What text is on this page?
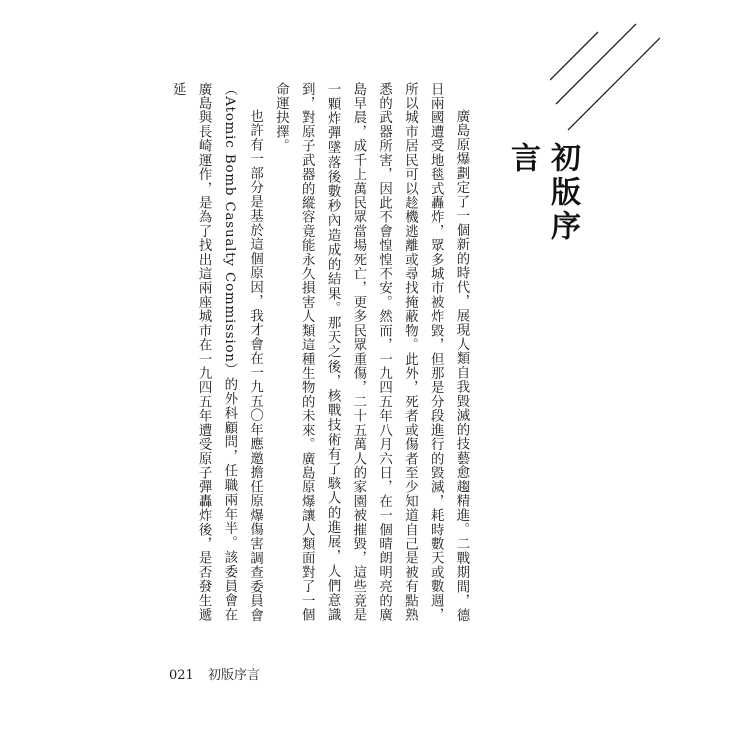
初版序言

廣島原爆劃定了一個新的時代，展現人類自我毀滅的技藝愈趨精進。二戰期間，德日兩國遭受地毯式轟炸，眾多城市被炸毀，但那是分段進行的毀滅，耗時數天或數週，所以城市居民可以趁機逃離或尋找掩蔽物。此外，死者或傷者至少知道自己是被有點熟悉的武器所害，因此不會惶惶不安。然而，一九四五年八月六日，在一個晴朗明亮的廣島早晨，成千上萬民眾當場死亡，更多民眾重傷，二十五萬人的家園被摧毀，這些竟是一顆炸彈墜落後數秒內造成的結果。那天之後，核戰技術有了駭人的進展，人們意識到，對原子武器的縱容竟能永久損害人類這種生物的未來。廣島原爆讓人類面對了一個命運抉擇。

也許有一部分是基於這個原因，我才會在一九五〇年應邀擔任原爆傷害調查委員會（Atomic Bomb Casualty Commission）的外科顧問，任職兩年半。該委員會在廣島與長崎運作，是為了找出這兩座城市在一九四五年遭受原子彈轟炸後，是否發生遞延

021 初版序言
